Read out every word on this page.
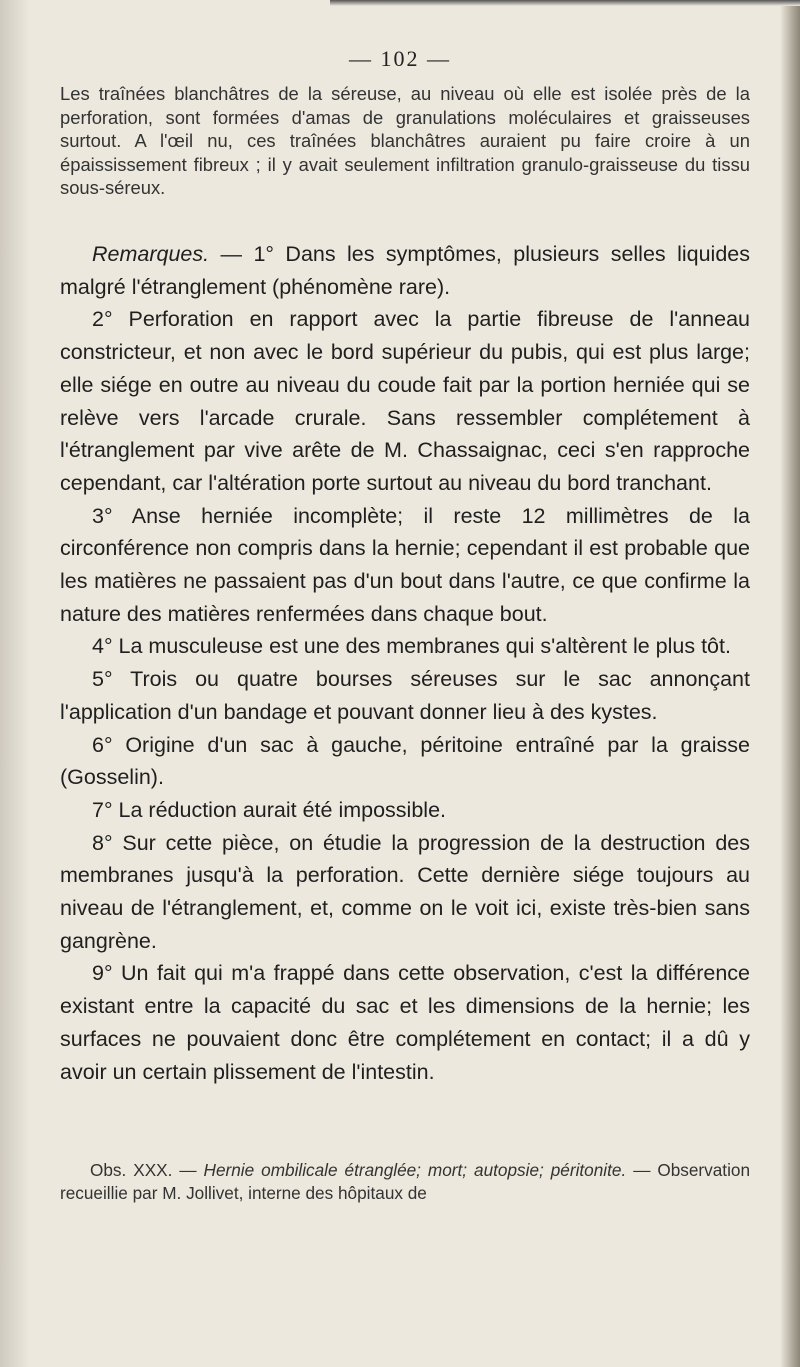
— 102 —
Les traînées blanchâtres de la séreuse, au niveau où elle est isolée près de la perforation, sont formées d'amas de granulations moléculaires et graisseuses surtout. A l'œil nu, ces traînées blanchâtres auraient pu faire croire à un épaississement fibreux ; il y avait seulement infiltration granulo-graisseuse du tissu sous-séreux.

Remarques. — 1° Dans les symptômes, plusieurs selles liquides malgré l'étranglement (phénomène rare).

2° Perforation en rapport avec la partie fibreuse de l'anneau constricteur, et non avec le bord supérieur du pubis, qui est plus large; elle siége en outre au niveau du coude fait par la portion herniée qui se relève vers l'arcade crurale. Sans ressembler complétement à l'étranglement par vive arête de M. Chassaignac, ceci s'en rapproche cependant, car l'altération porte surtout au niveau du bord tranchant.

3° Anse herniée incomplète; il reste 12 millimètres de la circonférence non compris dans la hernie; cependant il est probable que les matières ne passaient pas d'un bout dans l'autre, ce que confirme la nature des matières renfermées dans chaque bout.

4° La musculeuse est une des membranes qui s'altèrent le plus tôt.

5° Trois ou quatre bourses séreuses sur le sac annonçant l'application d'un bandage et pouvant donner lieu à des kystes.

6° Origine d'un sac à gauche, péritoine entraîné par la graisse (Gosselin).

7° La réduction aurait été impossible.

8° Sur cette pièce, on étudie la progression de la destruction des membranes jusqu'à la perforation. Cette dernière siége toujours au niveau de l'étranglement, et, comme on le voit ici, existe très-bien sans gangrène.

9° Un fait qui m'a frappé dans cette observation, c'est la différence existant entre la capacité du sac et les dimensions de la hernie; les surfaces ne pouvaient donc être complétement en contact; il a dû y avoir un certain plissement de l'intestin.

Obs. XXX. — Hernie ombilicale étranglée; mort; autopsie; péritonite. — Observation recueillie par M. Jollivet, interne des hôpitaux de
